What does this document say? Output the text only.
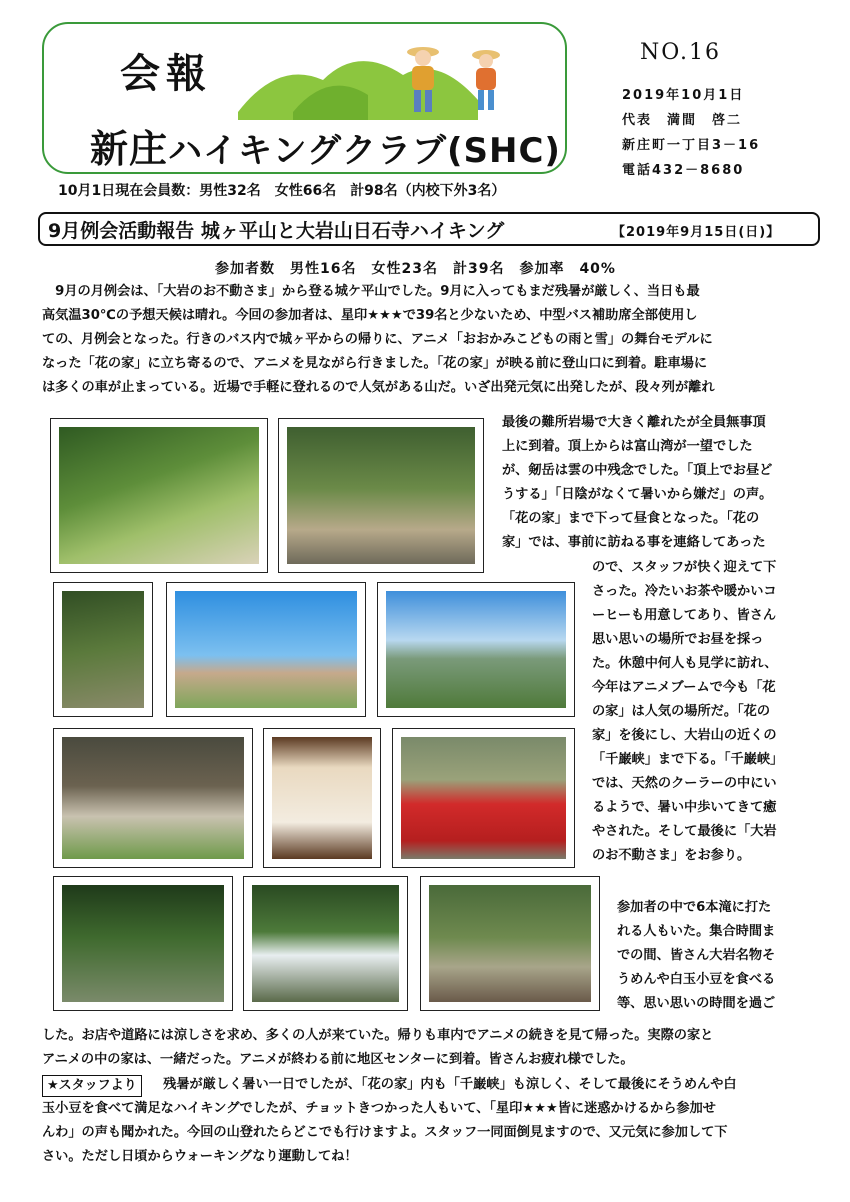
会報
新庄ハイキングクラブ(SHC)
10月1日現在会員数：男性32名　女性66名　計98名（内校下外3名）
NO.16
2019年10月1日
代表　満間　啓二
新庄町一丁目3－16
電話432－8680
9月例会活動報告 城ヶ平山と大岩山日石寺ハイキング	【2019年9月15日(日)】
参加者数　男性16名　女性23名　計39名　参加率　40%
　9月の月例会は、「大岩のお不動さま」から登る城ケ平山でした。9月に入ってもまだ残暑が厳しく、当日も最
高気温30℃の予想天候は晴れ。今回の参加者は、星印★★★で39名と少ないため、中型バス補助席全部使用し
ての、月例会となった。行きのバス内で城ヶ平からの帰りに、アニメ「おおかみこどもの雨と雪」の舞台モデルに
なった「花の家」に立ち寄るので、アニメを見ながら行きました。「花の家」が映る前に登山口に到着。駐車場に
は多くの車が止まっている。近場で手軽に登れるので人気がある山だ。いざ出発元気に出発したが、段々列が離れ
最後の難所岩場で大きく離れたが全員無事頂
上に到着。頂上からは富山湾が一望でした
が、剱岳は雲の中残念でした。「頂上でお昼ど
うする」「日陰がなくて暑いから嫌だ」の声。
「花の家」まで下って昼食となった。「花の
家」では、事前に訪ねる事を連絡してあった
ので、スタッフが快く迎えて下
さった。冷たいお茶や暖かいコ
ーヒーも用意してあり、皆さん
思い思いの場所でお昼を採っ
た。休憩中何人も見学に訪れ、
今年はアニメブームで今も「花
の家」は人気の場所だ。「花の
家」を後にし、大岩山の近くの
「千巌峡」まで下る。「千巌峡」
では、天然のクーラーの中にい
るようで、暑い中歩いてきて癒
やされた。そして最後に「大岩
のお不動さま」をお参り。
参加者の中で6本滝に打た
れる人もいた。集合時間ま
での間、皆さん大岩名物そ
うめんや白玉小豆を食べる
等、思い思いの時間を過ご
した。お店や道路には涼しさを求め、多くの人が来ていた。帰りも車内でアニメの続きを見て帰った。実際の家と
アニメの中の家は、一緒だった。アニメが終わる前に地区センターに到着。皆さんお疲れ様でした。
★スタッフより	　残暑が厳しく暑い一日でしたが、「花の家」内も「千巌峡」も涼しく、そして最後にそうめんや白
玉小豆を食べて満足なハイキングでしたが、チョットきつかった人もいて、「星印★★★皆に迷惑かけるから参加せ
んわ」の声も聞かれた。今回の山登れたらどこでも行けますよ。スタッフ一同面倒見ますので、又元気に参加して下
さい。ただし日頃からウォーキングなり運動してね！
